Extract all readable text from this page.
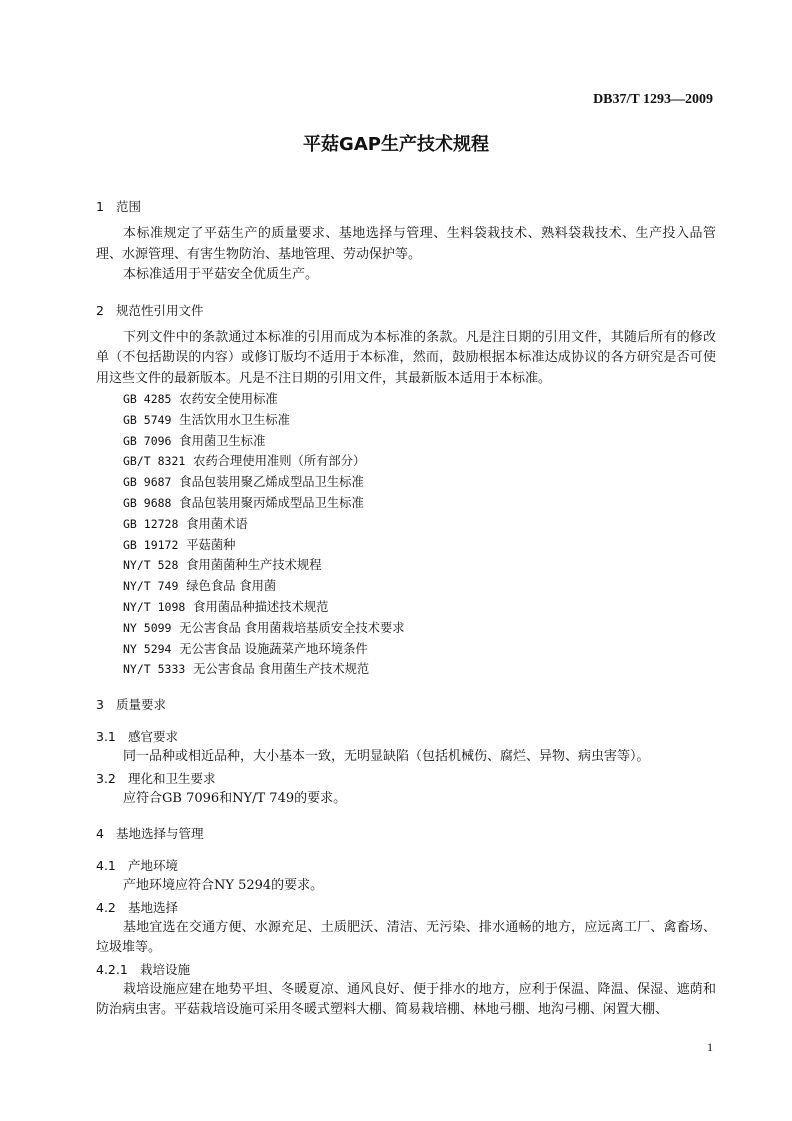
DB37/T 1293—2009
平菇GAP生产技术规程
1 范围

本标准规定了平菇生产的质量要求、基地选择与管理、生料袋栽技术、熟料袋栽技术、生产投入品管理、水源管理、有害生物防治、基地管理、劳动保护等。

本标准适用于平菇安全优质生产。

2 规范性引用文件

下列文件中的条款通过本标准的引用而成为本标准的条款。凡是注日期的引用文件，其随后所有的修改单（不包括勘误的内容）或修订版均不适用于本标准，然而，鼓励根据本标准达成协议的各方研究是否可使用这些文件的最新版本。凡是不注日期的引用文件，其最新版本适用于本标准。

GB 4285 农药安全使用标准

GB 5749 生活饮用水卫生标准

GB 7096 食用菌卫生标准

GB/T 8321 农药合理使用准则（所有部分）

GB 9687 食品包装用聚乙烯成型品卫生标准

GB 9688 食品包装用聚丙烯成型品卫生标准

GB 12728 食用菌术语

GB 19172 平菇菌种

NY/T 528 食用菌菌种生产技术规程

NY/T 749 绿色食品 食用菌

NY/T 1098 食用菌品种描述技术规范

NY 5099 无公害食品 食用菌栽培基质安全技术要求

NY 5294 无公害食品 设施蔬菜产地环境条件

NY/T 5333 无公害食品 食用菌生产技术规范

3 质量要求
3.1 感官要求

同一品种或相近品种，大小基本一致，无明显缺陷（包括机械伤、腐烂、异物、病虫害等）。

3.2 理化和卫生要求

应符合GB 7096和NY/T 749的要求。

4 基地选择与管理
4.1 产地环境

产地环境应符合NY 5294的要求。

4.2 基地选择

基地宜选在交通方便、水源充足、土质肥沃、清洁、无污染、排水通畅的地方，应远离工厂、禽畜场、垃圾堆等。

4.2.1 栽培设施

栽培设施应建在地势平坦、冬暖夏凉、通风良好、便于排水的地方，应利于保温、降温、保湿、遮荫和防治病虫害。平菇栽培设施可采用冬暖式塑料大棚、简易栽培棚、林地弓棚、地沟弓棚、闲置大棚、

1
